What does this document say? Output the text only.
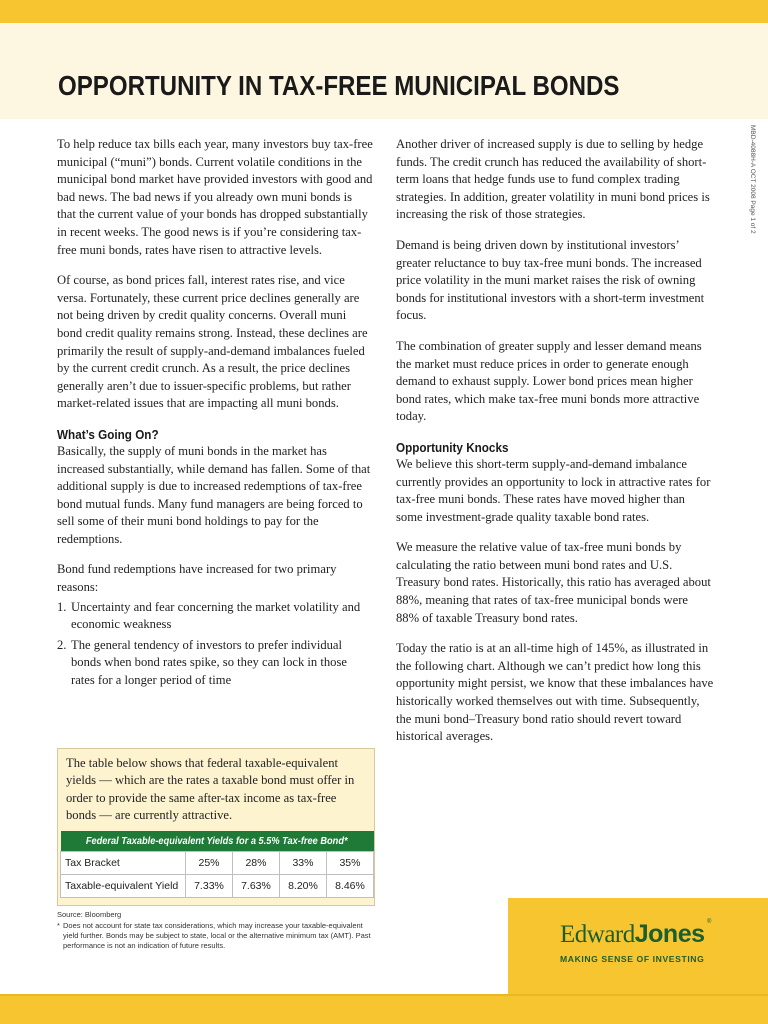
OPPORTUNITY IN TAX-FREE MUNICIPAL BONDS
MBD-4088H-A OCT 2008 Page 1 of 2

To help reduce tax bills each year, many investors buy tax-free municipal (“muni”) bonds. Current volatile conditions in the municipal bond market have provided investors with good and bad news. The bad news if you already own muni bonds is that the current value of your bonds has dropped substantially in recent weeks. The good news is if you’re considering tax-free muni bonds, rates have risen to attractive levels.

Of course, as bond prices fall, interest rates rise, and vice versa. Fortunately, these current price declines generally are not being driven by credit quality concerns. Overall muni bond credit quality remains strong. Instead, these declines are primarily the result of supply-and-demand imbalances fueled by the current credit crunch. As a result, the price declines generally aren’t due to issuer-specific problems, but rather market-related issues that are impacting all muni bonds.

What’s Going On?

Basically, the supply of muni bonds in the market has increased substantially, while demand has fallen. Some of that additional supply is due to increased redemptions of tax-free bond mutual funds. Many fund managers are being forced to sell some of their muni bond holdings to pay for the redemptions.

Bond fund redemptions have increased for two primary reasons:

1. Uncertainty and fear concerning the market volatility and economic weakness
2. The general tendency of investors to prefer individual bonds when bond rates spike, so they can lock in those rates for a longer period of time

Another driver of increased supply is due to selling by hedge funds. The credit crunch has reduced the availability of short-term loans that hedge funds use to fund complex trading strategies. In addition, greater volatility in muni bond prices is increasing the risk of those strategies.

Demand is being driven down by institutional investors’ greater reluctance to buy tax-free muni bonds. The increased price volatility in the muni market raises the risk of owning bonds for institutional investors with a short-term investment focus.

The combination of greater supply and lesser demand means the market must reduce prices in order to generate enough demand to exhaust supply. Lower bond prices mean higher bond rates, which make tax-free muni bonds more attractive today.

Opportunity Knocks

We believe this short-term supply-and-demand imbalance currently provides an opportunity to lock in attractive rates for tax-free muni bonds. These rates have moved higher than some investment-grade quality taxable bond rates.

We measure the relative value of tax-free muni bonds by calculating the ratio between muni bond rates and U.S. Treasury bond rates. Historically, this ratio has averaged about 88%, meaning that rates of tax-free municipal bonds were 88% of taxable Treasury bond rates.

Today the ratio is at an all-time high of 145%, as illustrated in the following chart. Although we can’t predict how long this opportunity might persist, we know that these imbalances have historically worked themselves out with time. Subsequently, the muni bond–Treasury bond ratio should revert toward historical averages.

The table below shows that federal taxable-equivalent yields — which are the rates a taxable bond must offer in order to provide the same after-tax income as tax-free bonds — are currently attractive.

Federal Taxable-equivalent Yields for a 5.5% Tax-free Bond*				
Tax Bracket	25%	28%	33%	35%
Taxable-equivalent Yield	7.33%	7.63%	8.20%	8.46%
Source: Bloomberg
* Does not account for state tax considerations, which may increase your taxable-equivalent yield further. Bonds may be subject to state, local or the alternative minimum tax (AMT). Past performance is not an indication of future results.	EdwardJones ®
MAKING SENSE OF INVESTING
